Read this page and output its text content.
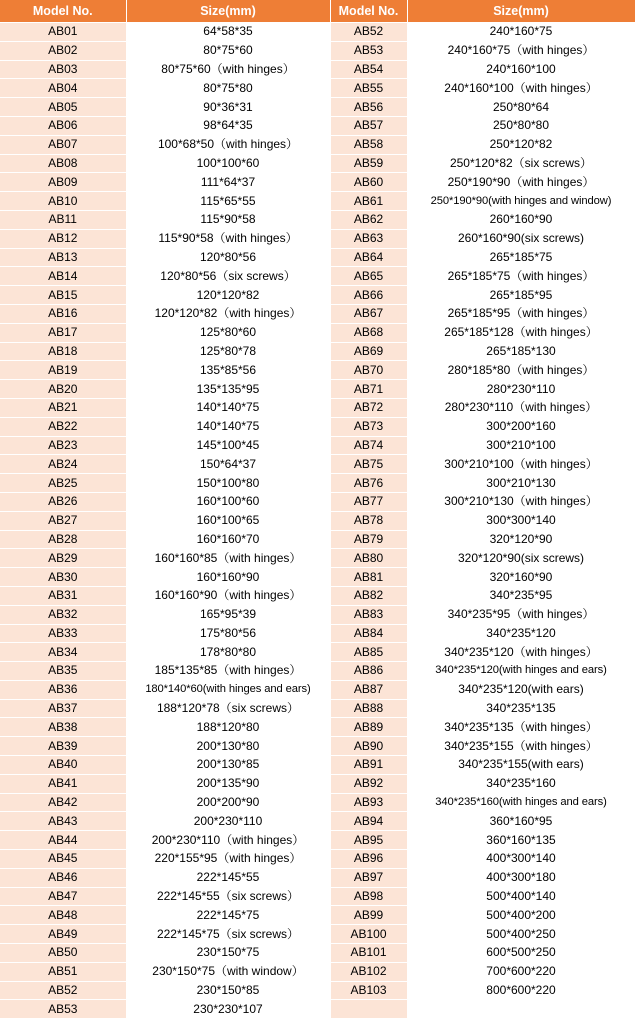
Model No.	Size(mm)	Model No.	Size(mm)
AB01	64*58*35	AB52	240*160*75
AB02	80*75*60	AB53	240*160*75（with hinges）
AB03	80*75*60（with hinges）	AB54	240*160*100
AB04	80*75*80	AB55	240*160*100（with hinges）
AB05	90*36*31	AB56	250*80*64
AB06	98*64*35	AB57	250*80*80
AB07	100*68*50（with hinges）	AB58	250*120*82
AB08	100*100*60	AB59	250*120*82（six screws）
AB09	111*64*37	AB60	250*190*90（with hinges）
AB10	115*65*55	AB61	250*190*90(with hinges and window)
AB11	115*90*58	AB62	260*160*90
AB12	115*90*58（with hinges）	AB63	260*160*90(six screws)
AB13	120*80*56	AB64	265*185*75
AB14	120*80*56（six screws）	AB65	265*185*75（with hinges）
AB15	120*120*82	AB66	265*185*95
AB16	120*120*82（with hinges）	AB67	265*185*95（with hinges）
AB17	125*80*60	AB68	265*185*128（with hinges）
AB18	125*80*78	AB69	265*185*130
AB19	135*85*56	AB70	280*185*80（with hinges）
AB20	135*135*95	AB71	280*230*110
AB21	140*140*75	AB72	280*230*110（with hinges）
AB22	140*140*75	AB73	300*200*160
AB23	145*100*45	AB74	300*210*100
AB24	150*64*37	AB75	300*210*100（with hinges）
AB25	150*100*80	AB76	300*210*130
AB26	160*100*60	AB77	300*210*130（with hinges）
AB27	160*100*65	AB78	300*300*140
AB28	160*160*70	AB79	320*120*90
AB29	160*160*85（with hinges）	AB80	320*120*90(six screws)
AB30	160*160*90	AB81	320*160*90
AB31	160*160*90（with hinges）	AB82	340*235*95
AB32	165*95*39	AB83	340*235*95（with hinges）
AB33	175*80*56	AB84	340*235*120
AB34	178*80*80	AB85	340*235*120（with hinges）
AB35	185*135*85（with hinges）	AB86	340*235*120(with hinges and ears)
AB36	180*140*60(with hinges and ears)	AB87	340*235*120(with ears)
AB37	188*120*78（six screws）	AB88	340*235*135
AB38	188*120*80	AB89	340*235*135（with hinges）
AB39	200*130*80	AB90	340*235*155（with hinges）
AB40	200*130*85	AB91	340*235*155(with ears)
AB41	200*135*90	AB92	340*235*160
AB42	200*200*90	AB93	340*235*160(with hinges and ears)
AB43	200*230*110	AB94	360*160*95
AB44	200*230*110（with hinges）	AB95	360*160*135
AB45	220*155*95（with hinges）	AB96	400*300*140
AB46	222*145*55	AB97	400*300*180
AB47	222*145*55（six screws）	AB98	500*400*140
AB48	222*145*75	AB99	500*400*200
AB49	222*145*75（six screws）	AB100	500*400*250
AB50	230*150*75	AB101	600*500*250
AB51	230*150*75（with window）	AB102	700*600*220
AB52	230*150*85	AB103	800*600*220
AB53	230*230*107		
